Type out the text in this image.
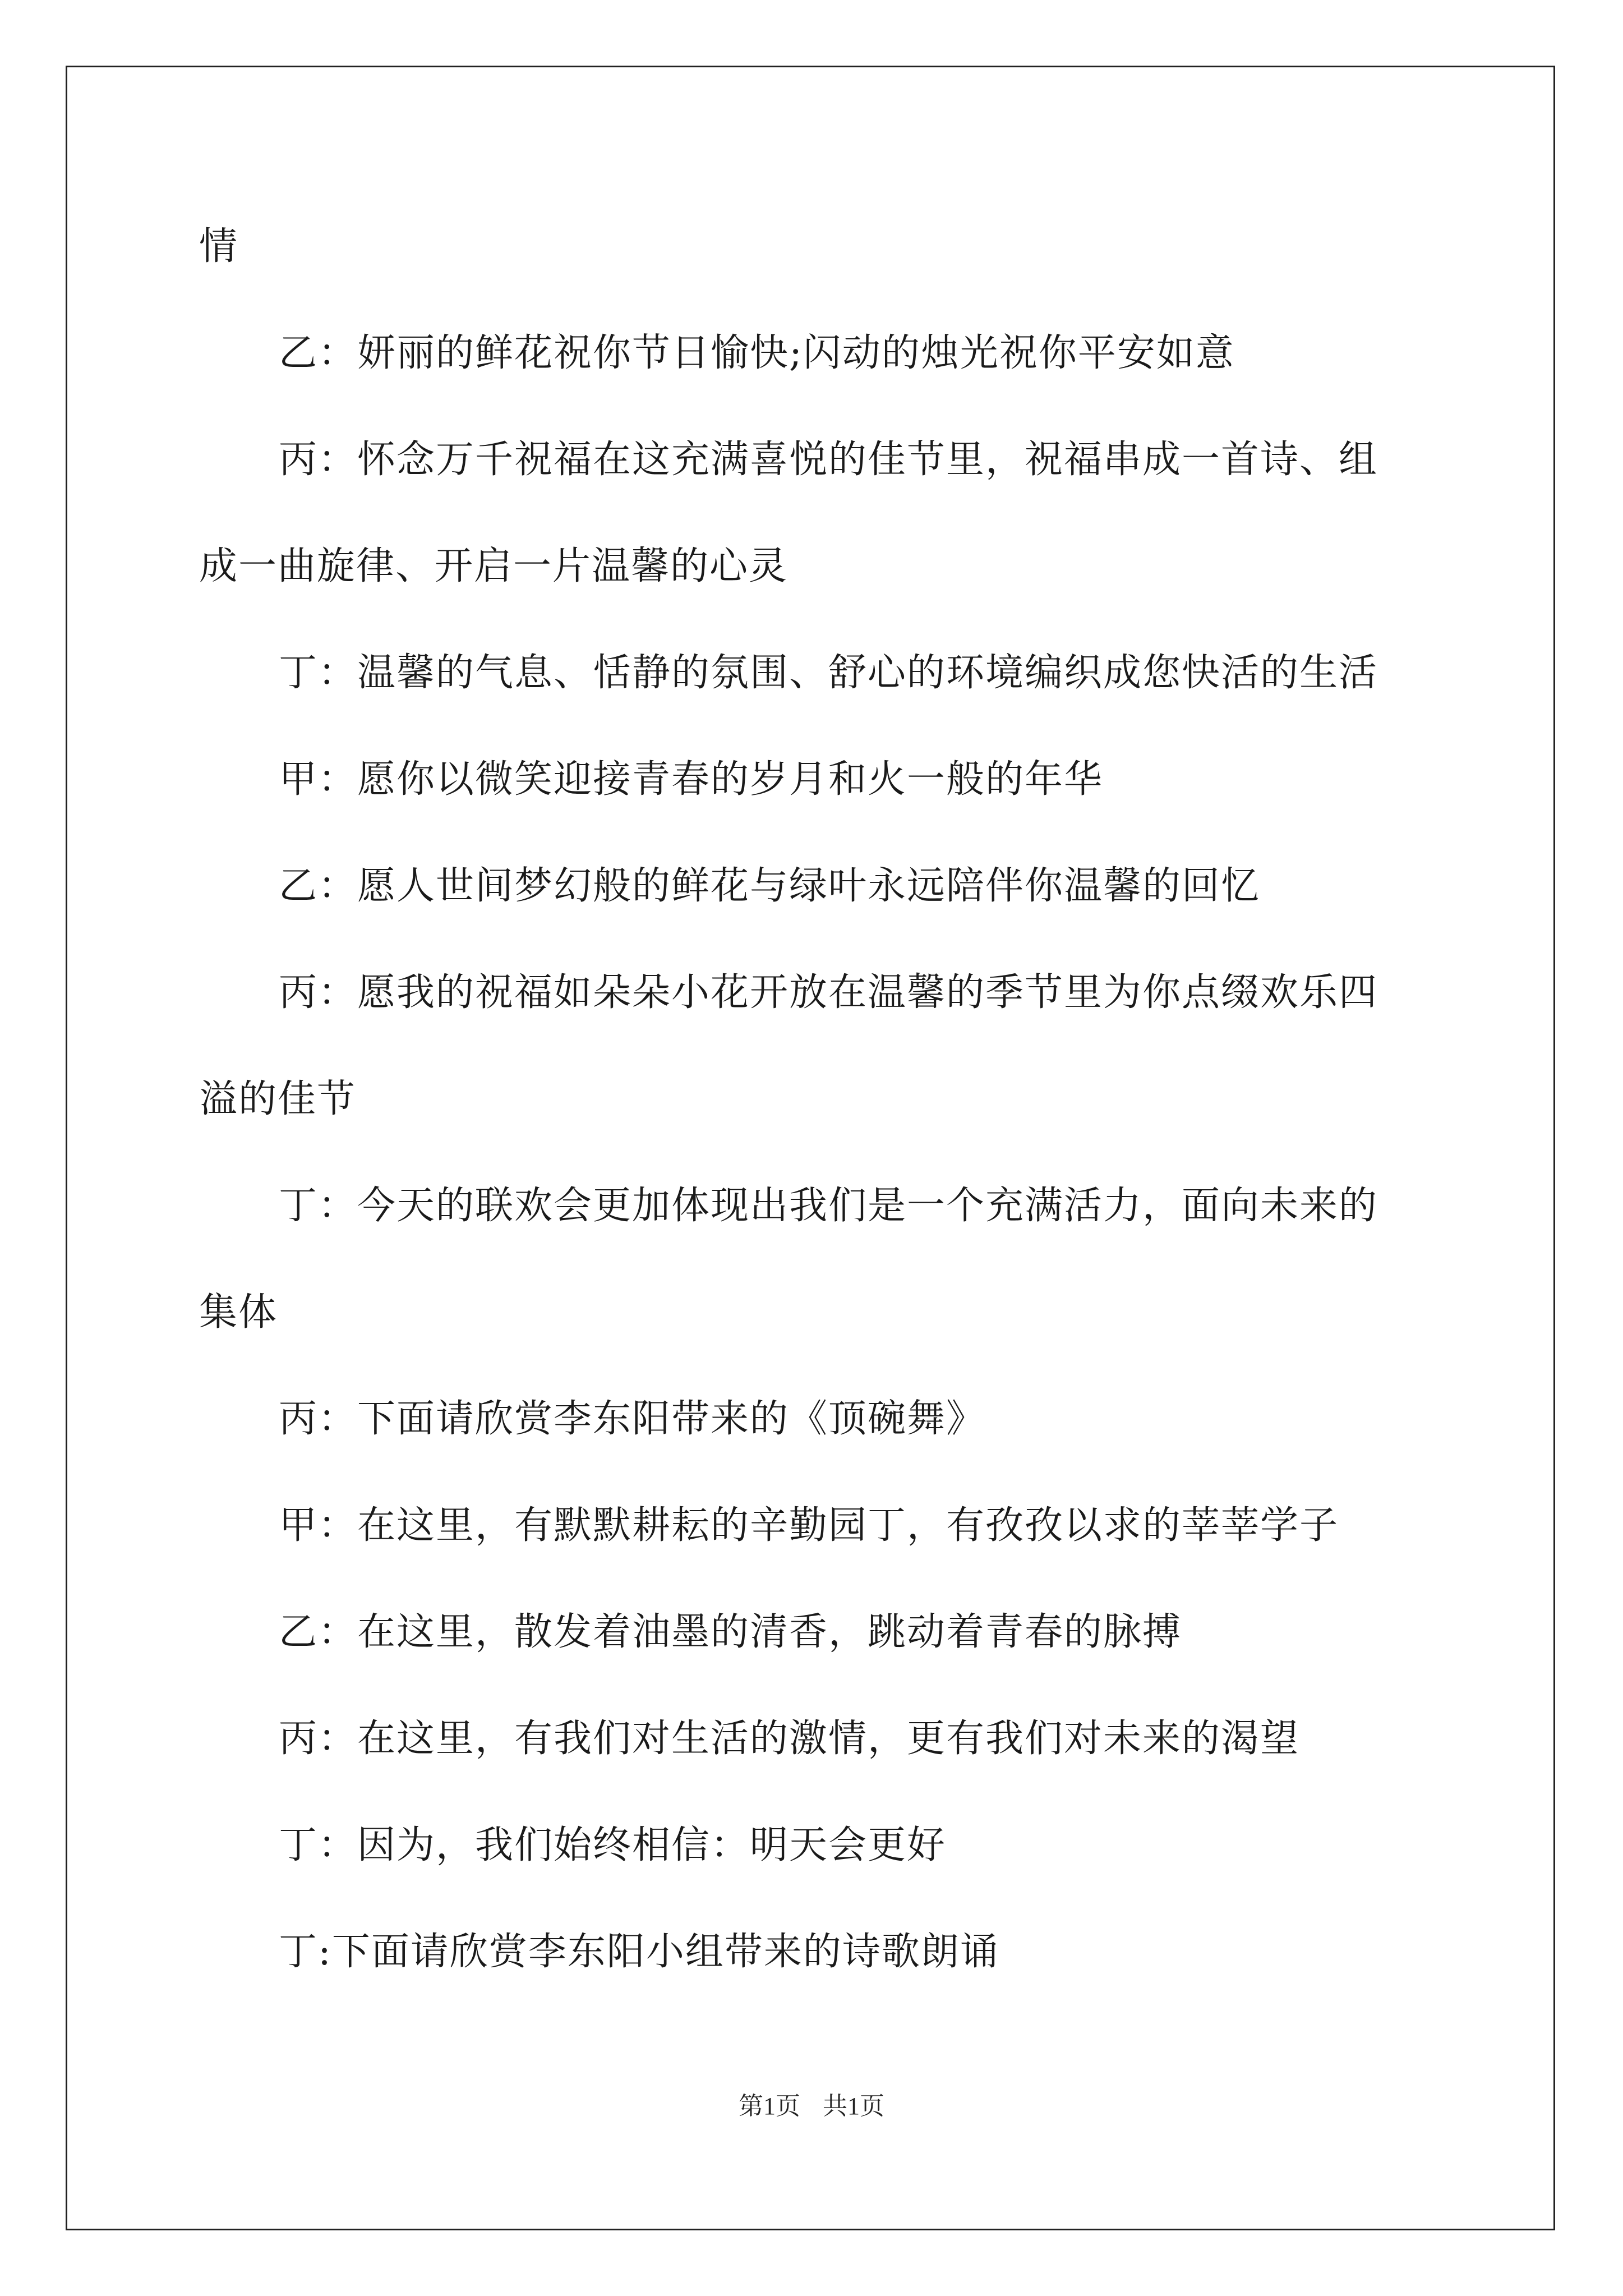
情
乙：妍丽的鲜花祝你节日愉快;闪动的烛光祝你平安如意
丙：怀念万千祝福在这充满喜悦的佳节里，祝福串成一首诗、组
成一曲旋律、开启一片温馨的心灵
丁：温馨的气息、恬静的氛围、舒心的环境编织成您快活的生活
甲：愿你以微笑迎接青春的岁月和火一般的年华
乙：愿人世间梦幻般的鲜花与绿叶永远陪伴你温馨的回忆
丙：愿我的祝福如朵朵小花开放在温馨的季节里为你点缀欢乐四
溢的佳节
丁：今天的联欢会更加体现出我们是一个充满活力，面向未来的
集体
丙：下面请欣赏李东阳带来的《顶碗舞》
甲：在这里，有默默耕耘的辛勤园丁，有孜孜以求的莘莘学子
乙：在这里，散发着油墨的清香，跳动着青春的脉搏
丙：在这里，有我们对生活的激情，更有我们对未来的渴望
丁：因为，我们始终相信：明天会更好
丁:下面请欣赏李东阳小组带来的诗歌朗诵
第1页 共1页
